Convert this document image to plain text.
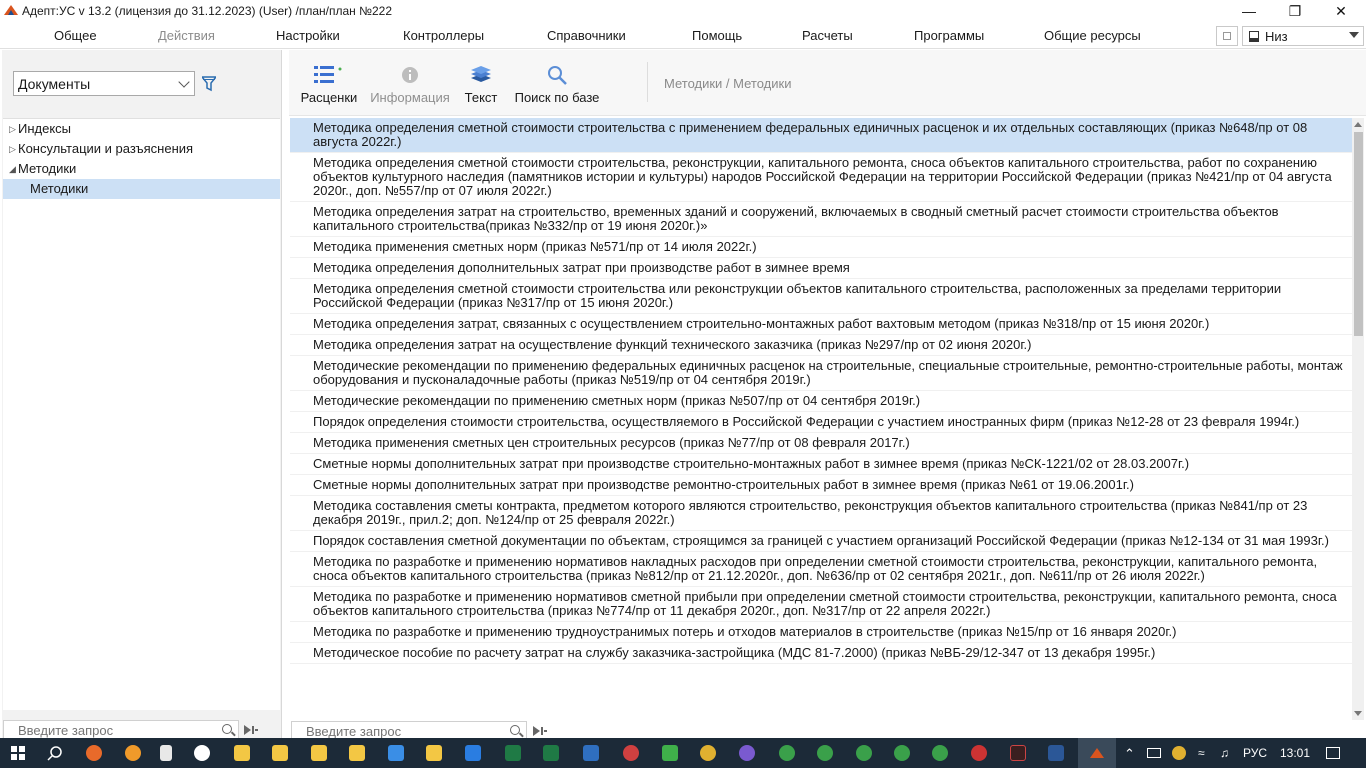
Адепт:УС v 13.2 (лицензия до 31.12.2023) (User) /план/план №222	—	❐	✕
Общее	Действия	Настройки	Контроллеры	Справочники	Помощь	Расчеты	Программы	Общие ресурсы	Низ
Документы
▷ Индексы
▷ Консультации и разъяснения
◢ Методики
Методики
Введите запрос
Расценки Информация Текст	Поиск по базе
Методики / Методики
Методика определения сметной стоимости строительства с применением федеральных единичных расценок и их отдельных составляющих (приказ №648/пр от 08 августа 2022г.)
Методика определения сметной стоимости строительства, реконструкции, капитального ремонта, сноса объектов капитального строительства, работ по сохранению объектов культурного наследия (памятников истории и культуры) народов Российской Федерации на территории Российской Федерации (приказ №421/пр от 04 августа 2020г., доп. №557/пр от 07 июля 2022г.)
Методика определения затрат на строительство, временных зданий и сооружений, включаемых в сводный сметный расчет стоимости строительства объектов капитального строительства(приказ №332/пр от 19 июня 2020г.)»
Методика применения сметных норм (приказ №571/пр от 14 июля 2022г.)
Методика определения дополнительных затрат при производстве работ в зимнее время
Методика определения сметной стоимости строительства или реконструкции объектов капитального строительства, расположенных за пределами территории Российской Федерации (приказ №317/пр от 15 июня 2020г.)
Методика определения затрат, связанных с осуществлением строительно-монтажных работ вахтовым методом (приказ №318/пр от 15 июня 2020г.)
Методика определения затрат на осуществление функций технического заказчика (приказ №297/пр от 02 июня 2020г.)
Методические рекомендации по применению федеральных единичных расценок на строительные, специальные строительные, ремонтно-строительные работы, монтаж оборудования и пусконаладочные работы (приказ №519/пр от 04 сентября 2019г.)
Методические рекомендации по применению сметных норм (приказ №507/пр от 04 сентября 2019г.)
Порядок определения стоимости строительства, осуществляемого в Российской Федерации с участием иностранных фирм (приказ №12-28 от 23 февраля 1994г.)
Методика применения сметных цен строительных ресурсов (приказ №77/пр от 08 февраля 2017г.)
Сметные нормы дополнительных затрат при производстве строительно-монтажных работ в зимнее время (приказ №СК-1221/02 от 28.03.2007г.)
Сметные нормы дополнительных затрат при производстве ремонтно-строительных работ в зимнее время (приказ №61 от 19.06.2001г.)
Методика составления сметы контракта, предметом которого являются строительство, реконструкция объектов капитального строительства (приказ №841/пр от 23 декабря 2019г., прил.2; доп. №124/пр от 25 февраля 2022г.)
Порядок составления сметной документации по объектам, строящимся за границей с участием организаций Российской Федерации (приказ №12-134 от 31 мая 1993г.)
Методика по разработке и применению нормативов накладных расходов при определении сметной стоимости строительства, реконструкции, капитального ремонта, сноса объектов капитального строительства (приказ №812/пр от 21.12.2020г., доп. №636/пр от 02 сентября 2021г., доп. №611/пр от 26 июля 2022г.)
Методика по разработке и применению нормативов сметной прибыли при определении сметной стоимости строительства, реконструкции, капитального ремонта, сноса объектов капитального строительства (приказ №774/пр от 11 декабря 2020г., доп. №317/пр от 22 апреля 2022г.)
Методика по разработке и применению трудноустранимых потерь и отходов материалов в строительстве (приказ №15/пр от 16 января 2020г.)
Методическое пособие по расчету затрат на службу заказчика-застройщика (МДС 81-7.2000) (приказ №ВБ-29/12-347 от 13 декабря 1995г.)
Введите запрос
⌃	≈ ♫ РУС 13:01
